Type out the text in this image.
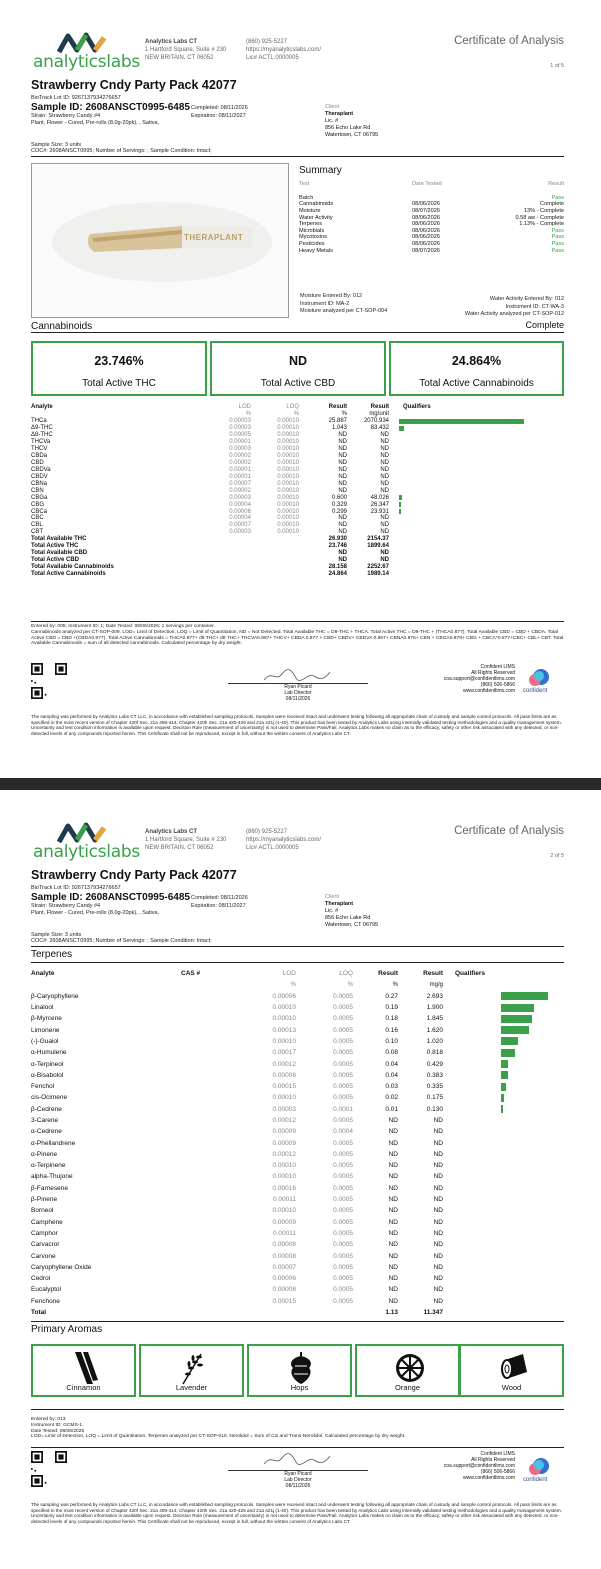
analyticslabs
Analytics Labs CT
1 Hartford Square, Suite # 230
NEW BRITAIN, CT 06052
(860) 925-5227
https://myanalyticslabs.com/
Lic# ACTL.0000005
Certificate of Analysis
1 of 5
Strawberry Cndy Party Pack 42077
BioTrack Lot ID: 9267137934276657
Sample ID: 2608ANSCT0995-6485 Completed: 08/11/2026
Strain: Strawberry Candy #4	Expiration: 08/11/2027
Plant, Flower - Cured, Pre-rolls (8.0g-20pk), , Sativa,
Client
Theraplant
Lic. #
856 Echo Lake Rd
Watertown, CT 06795
Sample Size: 3 units
COC#: 2608ANSCT0995; Number of Servings: ; Sample Condition: Intact;
THERAPLANT
Summary
Test	Date Tested	Result

Batch		Pass
Cannabinoids	08/06/2026	Complete
Moisture	08/07/2026	13% - Complete
Water Activity	08/06/2026	0.58 aw - Complete
Terpenes	08/06/2026	1.13% - Complete
Microbials	08/06/2026	Pass
Mycotoxins	08/06/2026	Pass
Pesticides	08/06/2026	Pass
Heavy Metals	08/07/2026	Pass
Moisture Entered By: 012
Instrument ID: MA-2
Moisture analyzed per CT-SOP-004
Water Activity Entered By: 012
Instrument ID: CT-WA-3
Water Activity analyzed per CT-SOP-012
Cannabinoids	Complete
23.746%
Total Active THC
ND
Total Active CBD
24.864%
Total Active Cannabinoids
Analyte	LOD	LOQ	Result	Result	Qualifiers
	%	%	%	mg/unit	
THCa	0.00003	0.00010	25.887	2070.934	

Δ9-THC	0.00003	0.00010	1.043	83.432	

Δ8-THC	0.00005	0.00010	ND	ND	

THCVa	0.00001	0.00010	ND	ND	

THCV	0.00003	0.00010	ND	ND	

CBDa	0.00002	0.00010	ND	ND	

CBD	0.00002	0.00010	ND	ND	

CBDVa	0.00001	0.00010	ND	ND	

CBDV	0.00001	0.00010	ND	ND	

CBNa	0.00007	0.00010	ND	ND	

CBN	0.00002	0.00010	ND	ND	

CBGa	0.00003	0.00010	0.600	48.026	

CBG	0.00004	0.00010	0.329	26.347	

CBCa	0.00006	0.00010	0.299	23.931	

CBC	0.00004	0.00010	ND	ND	

CBL	0.00007	0.00010	ND	ND	

CBT	0.00003	0.00010	ND	ND	

Total Available THC			26.930	2154.37	
Total Active THC			23.746	1899.64	
Total Available CBD			ND	ND	
Total Active CBD			ND	ND	
Total Available Cannabinoids			28.158	2252.67	
Total Active Cannabinoids			24.864	1989.14	
Entered by: 005; Instrument ID: 1; Date Tested: 08/06/2026; 1 servings per container.
Cannabinoids analyzed per CT-SOP-009. LOD= Limit of Detection, LOQ = Limit of Quantitation, ND = Not Detected. Total Available THC = D9-THC + THCA. Total Active THC = D9-THC + (THCA0.877). Total Available CBD = CBD + CBDA. Total Active CBD = CBD +(CBDA0.877). Total Active Cannabinoids = THCA0.877+ d9 THC+ d8 THC+ THCVA0.867+ THCV+ CBDA 0.877 + CBD+ CBDV+ CBDVA 0.867+ CBNA0.876+ CBN + CBGA0.878+ CBG + CBCA*0.877+CBC+ CBL+ CBT. Total Available Cannabinoids = sum of all detected cannabinoids. Calculated percentage by dry weight.
Ryan Picard
Lab Director
08/11/2026
Confident LIMS
All Rights Reserved
coa.support@confidentlims.com
(866) 506-5866
www.confidentlims.com confident
The sampling was performed by Analytics Labs CT LLC, in accordance with established sampling protocols. Samples were received intact and underwent testing following all appropriate chain of custody and sample control protocols. All pass limits are as specified in the most recent version of Chapter 420f Sec. 21a 408-414, Chapter 420h Sec. 21a 420-429 and 21a 421j (1-40). This product has been tested by Analytics Labs using internally validated testing methodologies and a quality management system. Uncertainty and test condition information is available upon request. Decision Rule (measurement of uncertainty) is not used to determine Pass/Fail. Analytics Labs makes no claim as to the efficacy, safety or other risk associated with any detected, or non-detected levels of any compounds reported herein. This Certificate shall not be reproduced, except in full, without the written consent of Analytics Labs CT.
analyticslabs
Analytics Labs CT
1 Hartford Square, Suite # 230
NEW BRITAIN, CT 06052
(860) 925-5227
https://myanalyticslabs.com/
Lic# ACTL.0000005
Certificate of Analysis
2 of 5
Strawberry Cndy Party Pack 42077
BioTrack Lot ID: 9267137934276657
Sample ID: 2608ANSCT0995-6485 Completed: 08/11/2026
Strain: Strawberry Candy #4	Expiration: 08/11/2027
Plant, Flower - Cured, Pre-rolls (8.0g-20pk), , Sativa,
Client
Theraplant
Lic. #
856 Echo Lake Rd
Watertown, CT 06795
Sample Size: 3 units
COC#: 2608ANSCT0995; Number of Servings: ; Sample Condition: Intact;
Terpenes
Analyte	CAS #	LOD	LOQ	Result	Result	Qualifiers
		%	%	%	mg/g	
β-Caryophyllene		0.00006	0.0005	0.27	2.693	

Linalool		0.00010	0.0005	0.19	1.900	

β-Myrcene		0.00010	0.0005	0.18	1.845	

Limonene		0.00013	0.0005	0.16	1.620	

(-)-Guaiol		0.00010	0.0005	0.10	1.020	

α-Humulene		0.00017	0.0005	0.08	0.818	

α-Terpineol		0.00012	0.0005	0.04	0.429	

α-Bisabolol		0.00008	0.0005	0.04	0.383	

Fenchol		0.00015	0.0005	0.03	0.335	

cis-Ocimene		0.00010	0.0005	0.02	0.175	

β-Cedrene		0.00003	0.0001	0.01	0.130	

3-Carene		0.00012	0.0005	ND	ND	

α-Cedrene		0.00009	0.0004	ND	ND	

α-Phellandrene		0.00009	0.0005	ND	ND	

α-Pinene		0.00012	0.0005	ND	ND	

α-Terpinene		0.00010	0.0005	ND	ND	

alpha-Thujone		0.00010	0.0005	ND	ND	

β-Farnesene		0.00016	0.0005	ND	ND	

β-Pinene		0.00011	0.0005	ND	ND	

Borneol		0.00010	0.0005	ND	ND	

Camphene		0.00009	0.0005	ND	ND	

Camphor		0.00011	0.0005	ND	ND	

Carvacrol		0.00008	0.0005	ND	ND	

Carvone		0.00008	0.0005	ND	ND	

Caryophyllene Oxide		0.00007	0.0005	ND	ND	

Cedrol		0.00006	0.0005	ND	ND	

Eucalyptol		0.00008	0.0005	ND	ND	

Fenchone		0.00015	0.0005	ND	ND	

Total				1.13	11.347	
Primary Aromas
Cinnamon	Lavender	Hops	Orange	Wood
Entered by: 013
Instrument ID: GCMS-1
Date Tested: 08/06/2026
LOD= Limit of Detection, LOQ = Limit of Quantitation. Terpenes analyzed per CT-SOP-010. Nerolidol = Sum of Cis and Trans-Nerolidol. Calculated percentage by dry weight.
Ryan Picard
Lab Director
08/11/2026
Confident LIMS
All Rights Reserved
coa.support@confidentlims.com
(866) 506-5866
www.confidentlims.com confident
The sampling was performed by Analytics Labs CT LLC, in accordance with established sampling protocols. Samples were received intact and underwent testing following all appropriate chain of custody and sample control protocols. All pass limits are as specified in the most recent version of Chapter 420f Sec. 21a 408-414, Chapter 420h Sec. 21a 420-429 and 21a 421j (1-40). This product has been tested by Analytics Labs using internally validated testing methodologies and a quality management system. Uncertainty and test condition information is available upon request. Decision Rule (measurement of uncertainty) is not used to determine Pass/Fail. Analytics Labs makes no claim as to the efficacy, safety or other risk associated with any detected, or non-detected levels of any compounds reported herein. This Certificate shall not be reproduced, except in full, without the written consent of Analytics Labs CT.
